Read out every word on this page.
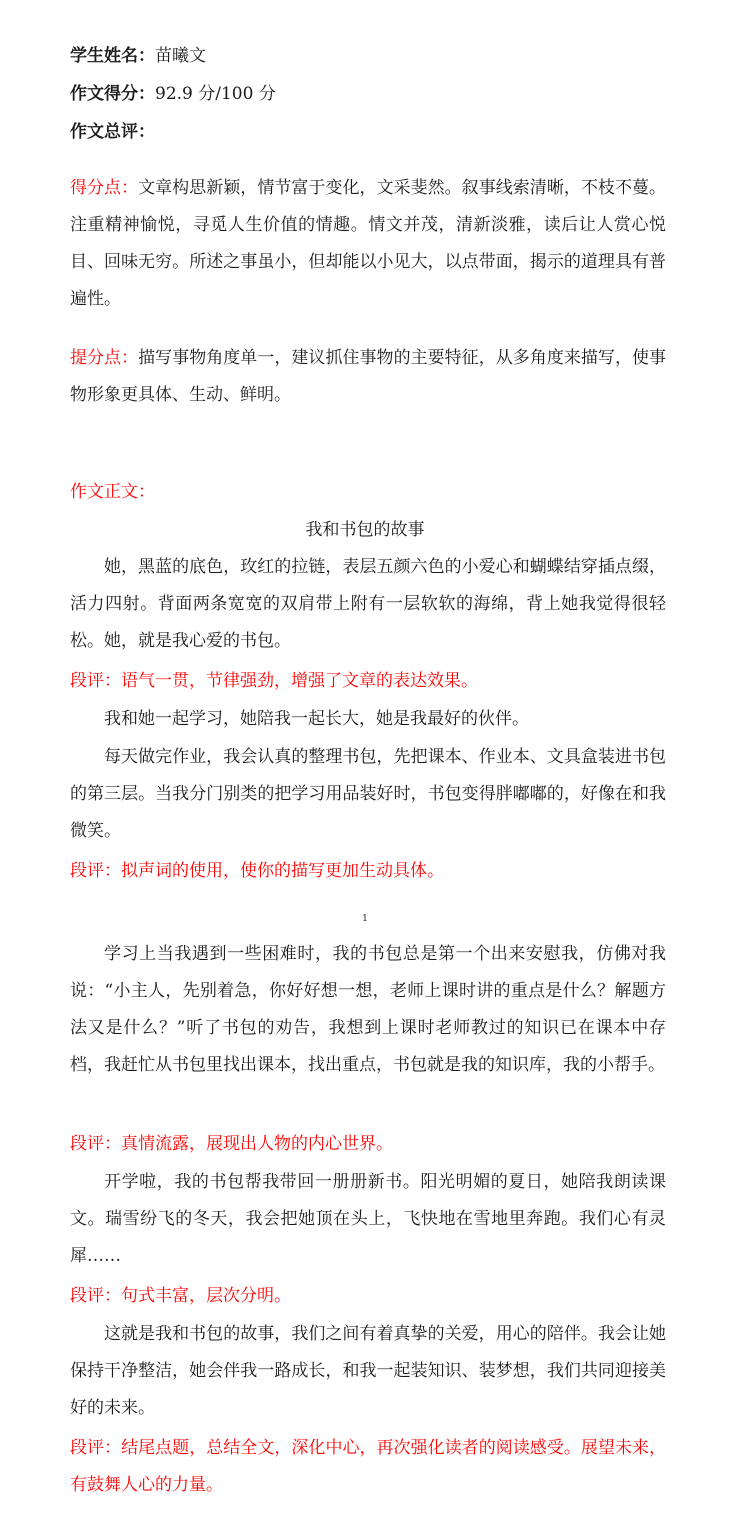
学生姓名：苗曦文
作文得分：92.9 分/100 分
作文总评：
得分点：文章构思新颖，情节富于变化，文采斐然。叙事线索清晰，不枝不蔓。注重精神愉悦，寻觅人生价值的情趣。情文并茂，清新淡雅，读后让人赏心悦目、回味无穷。所述之事虽小，但却能以小见大，以点带面，揭示的道理具有普遍性。
提分点：描写事物角度单一，建议抓住事物的主要特征，从多角度来描写，使事物形象更具体、生动、鲜明。
作文正文：
我和书包的故事
她，黑蓝的底色，玫红的拉链，表层五颜六色的小爱心和蝴蝶结穿插点缀，活力四射。背面两条宽宽的双肩带上附有一层软软的海绵，背上她我觉得很轻松。她，就是我心爱的书包。
段评：语气一贯，节律强劲，增强了文章的表达效果。
我和她一起学习，她陪我一起长大，她是我最好的伙伴。
每天做完作业，我会认真的整理书包，先把课本、作业本、文具盒装进书包的第三层。当我分门别类的把学习用品装好时，书包变得胖嘟嘟的，好像在和我微笑。
段评：拟声词的使用，使你的描写更加生动具体。
1
学习上当我遇到一些困难时，我的书包总是第一个出来安慰我，仿佛对我说：“小主人，先别着急，你好好想一想，老师上课时讲的重点是什么？解题方法又是什么？”听了书包的劝告，我想到上课时老师教过的知识已在课本中存档，我赶忙从书包里找出课本，找出重点，书包就是我的知识库，我的小帮手。
段评：真情流露，展现出人物的内心世界。
开学啦，我的书包帮我带回一册册新书。阳光明媚的夏日，她陪我朗读课文。瑞雪纷飞的冬天，我会把她顶在头上，飞快地在雪地里奔跑。我们心有灵犀……
段评：句式丰富，层次分明。
这就是我和书包的故事，我们之间有着真挚的关爱，用心的陪伴。我会让她保持干净整洁，她会伴我一路成长，和我一起装知识、装梦想，我们共同迎接美好的未来。
段评：结尾点题，总结全文，深化中心，再次强化读者的阅读感受。展望未来，有鼓舞人心的力量。
